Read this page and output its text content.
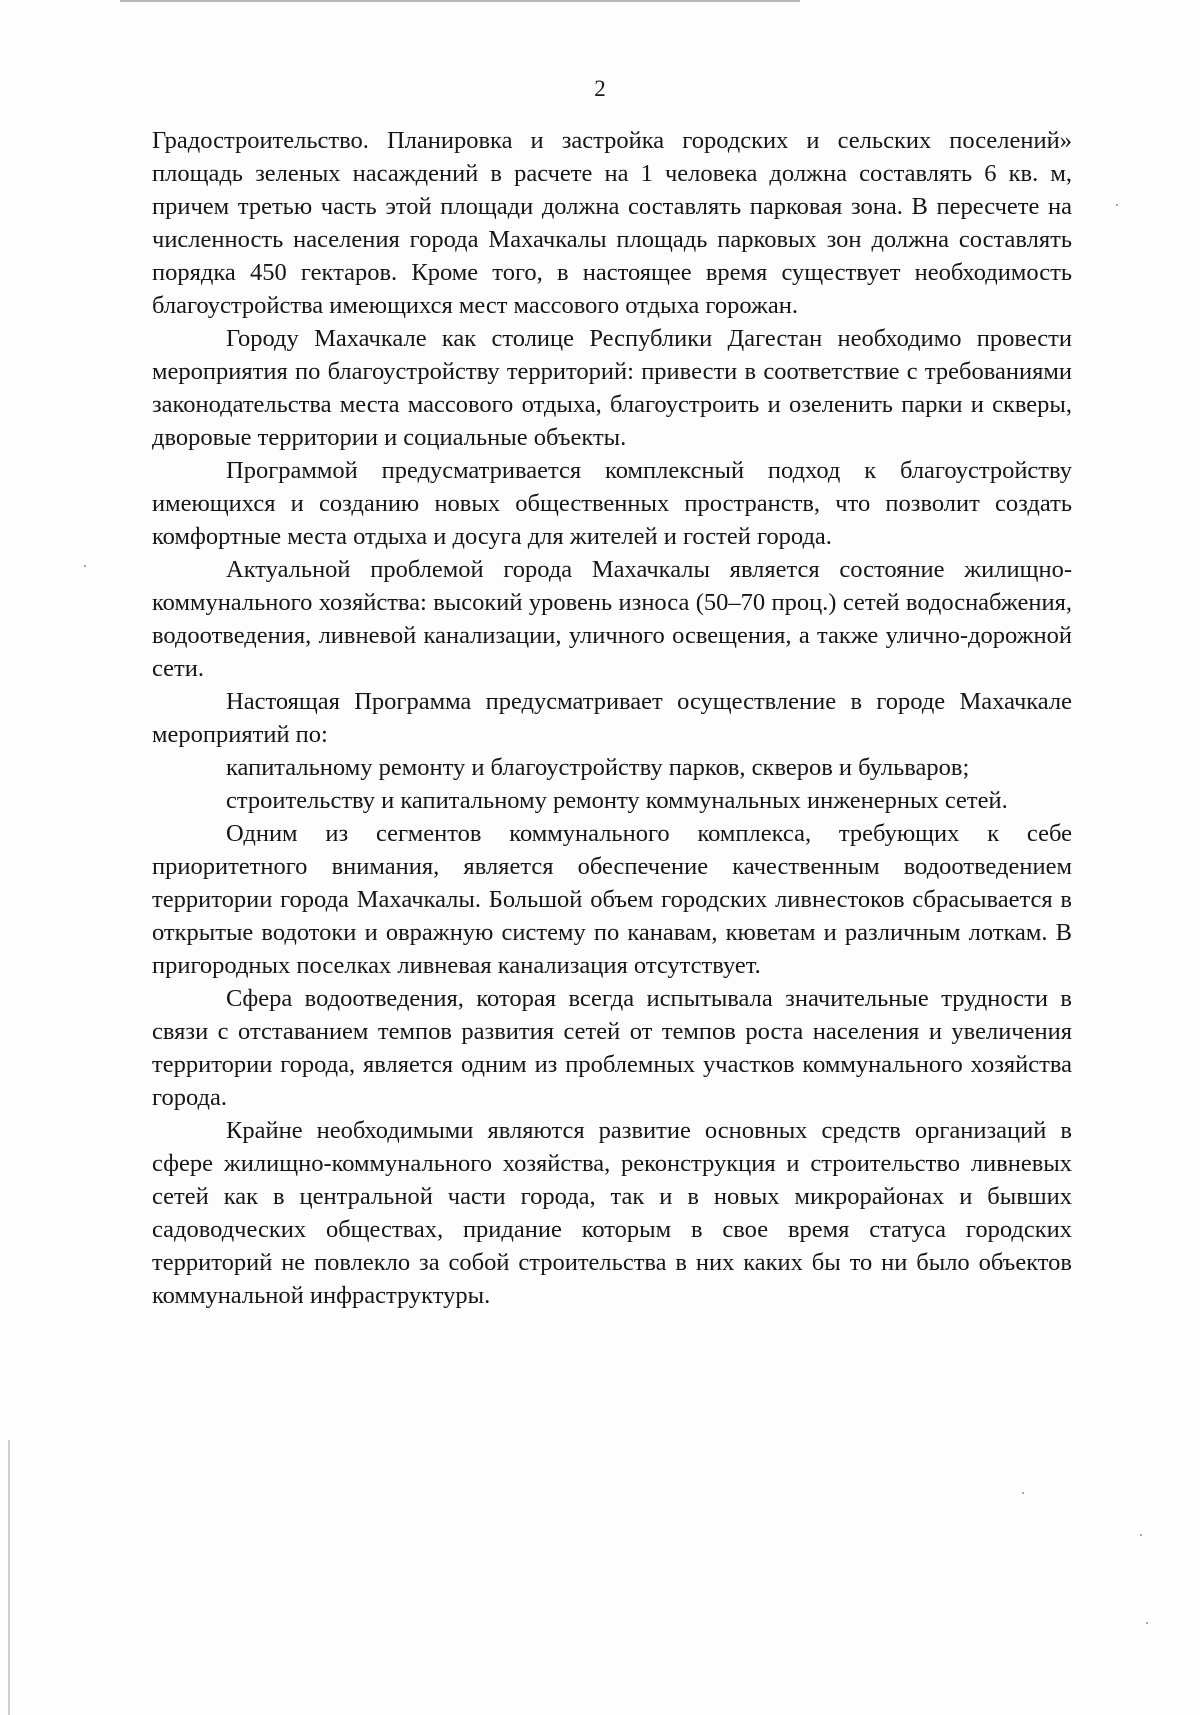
2

Градостроительство. Планировка и застройка городских и сельских поселений» площадь зеленых насаждений в расчете на 1 человека должна составлять 6 кв. м, причем третью часть этой площади должна составлять парковая зона. В пересчете на численность населения города Махачкалы площадь парковых зон должна составлять порядка 450 гектаров. Кроме того, в настоящее время существует необходимость благоустройства имеющихся мест массового отдыха горожан.

Городу Махачкале как столице Республики Дагестан необходимо провести мероприятия по благоустройству территорий: привести в соответствие с требованиями законодательства места массового отдыха, благоустроить и озеленить парки и скверы, дворовые территории и социальные объекты.

Программой предусматривается комплексный подход к благоустройству имеющихся и созданию новых общественных пространств, что позволит создать комфортные места отдыха и досуга для жителей и гостей города.

Актуальной проблемой города Махачкалы является состояние жилищно-коммунального хозяйства: высокий уровень износа (50–70 проц.) сетей водоснабжения, водоотведения, ливневой канализации, уличного освещения, а также улично-дорожной сети.

Настоящая Программа предусматривает осуществление в городе Махачкале мероприятий по:

капитальному ремонту и благоустройству парков, скверов и бульваров;

строительству и капитальному ремонту коммунальных инженерных сетей.

Одним из сегментов коммунального комплекса, требующих к себе приоритетного внимания, является обеспечение качественным водоотведением территории города Махачкалы. Большой объем городских ливнестоков сбрасывается в открытые водотоки и овражную систему по канавам, кюветам и различным лоткам. В пригородных поселках ливневая канализация отсутствует.

Сфера водоотведения, которая всегда испытывала значительные трудности в связи с отставанием темпов развития сетей от темпов роста населения и увеличения территории города, является одним из проблемных участков коммунального хозяйства города.

Крайне необходимыми являются развитие основных средств организаций в сфере жилищно-коммунального хозяйства, реконструкция и строительство ливневых сетей как в центральной части города, так и в новых микрорайонах и бывших садоводческих обществах, придание которым в свое время статуса городских территорий не повлекло за собой строительства в них каких бы то ни было объектов коммунальной инфраструктуры.
